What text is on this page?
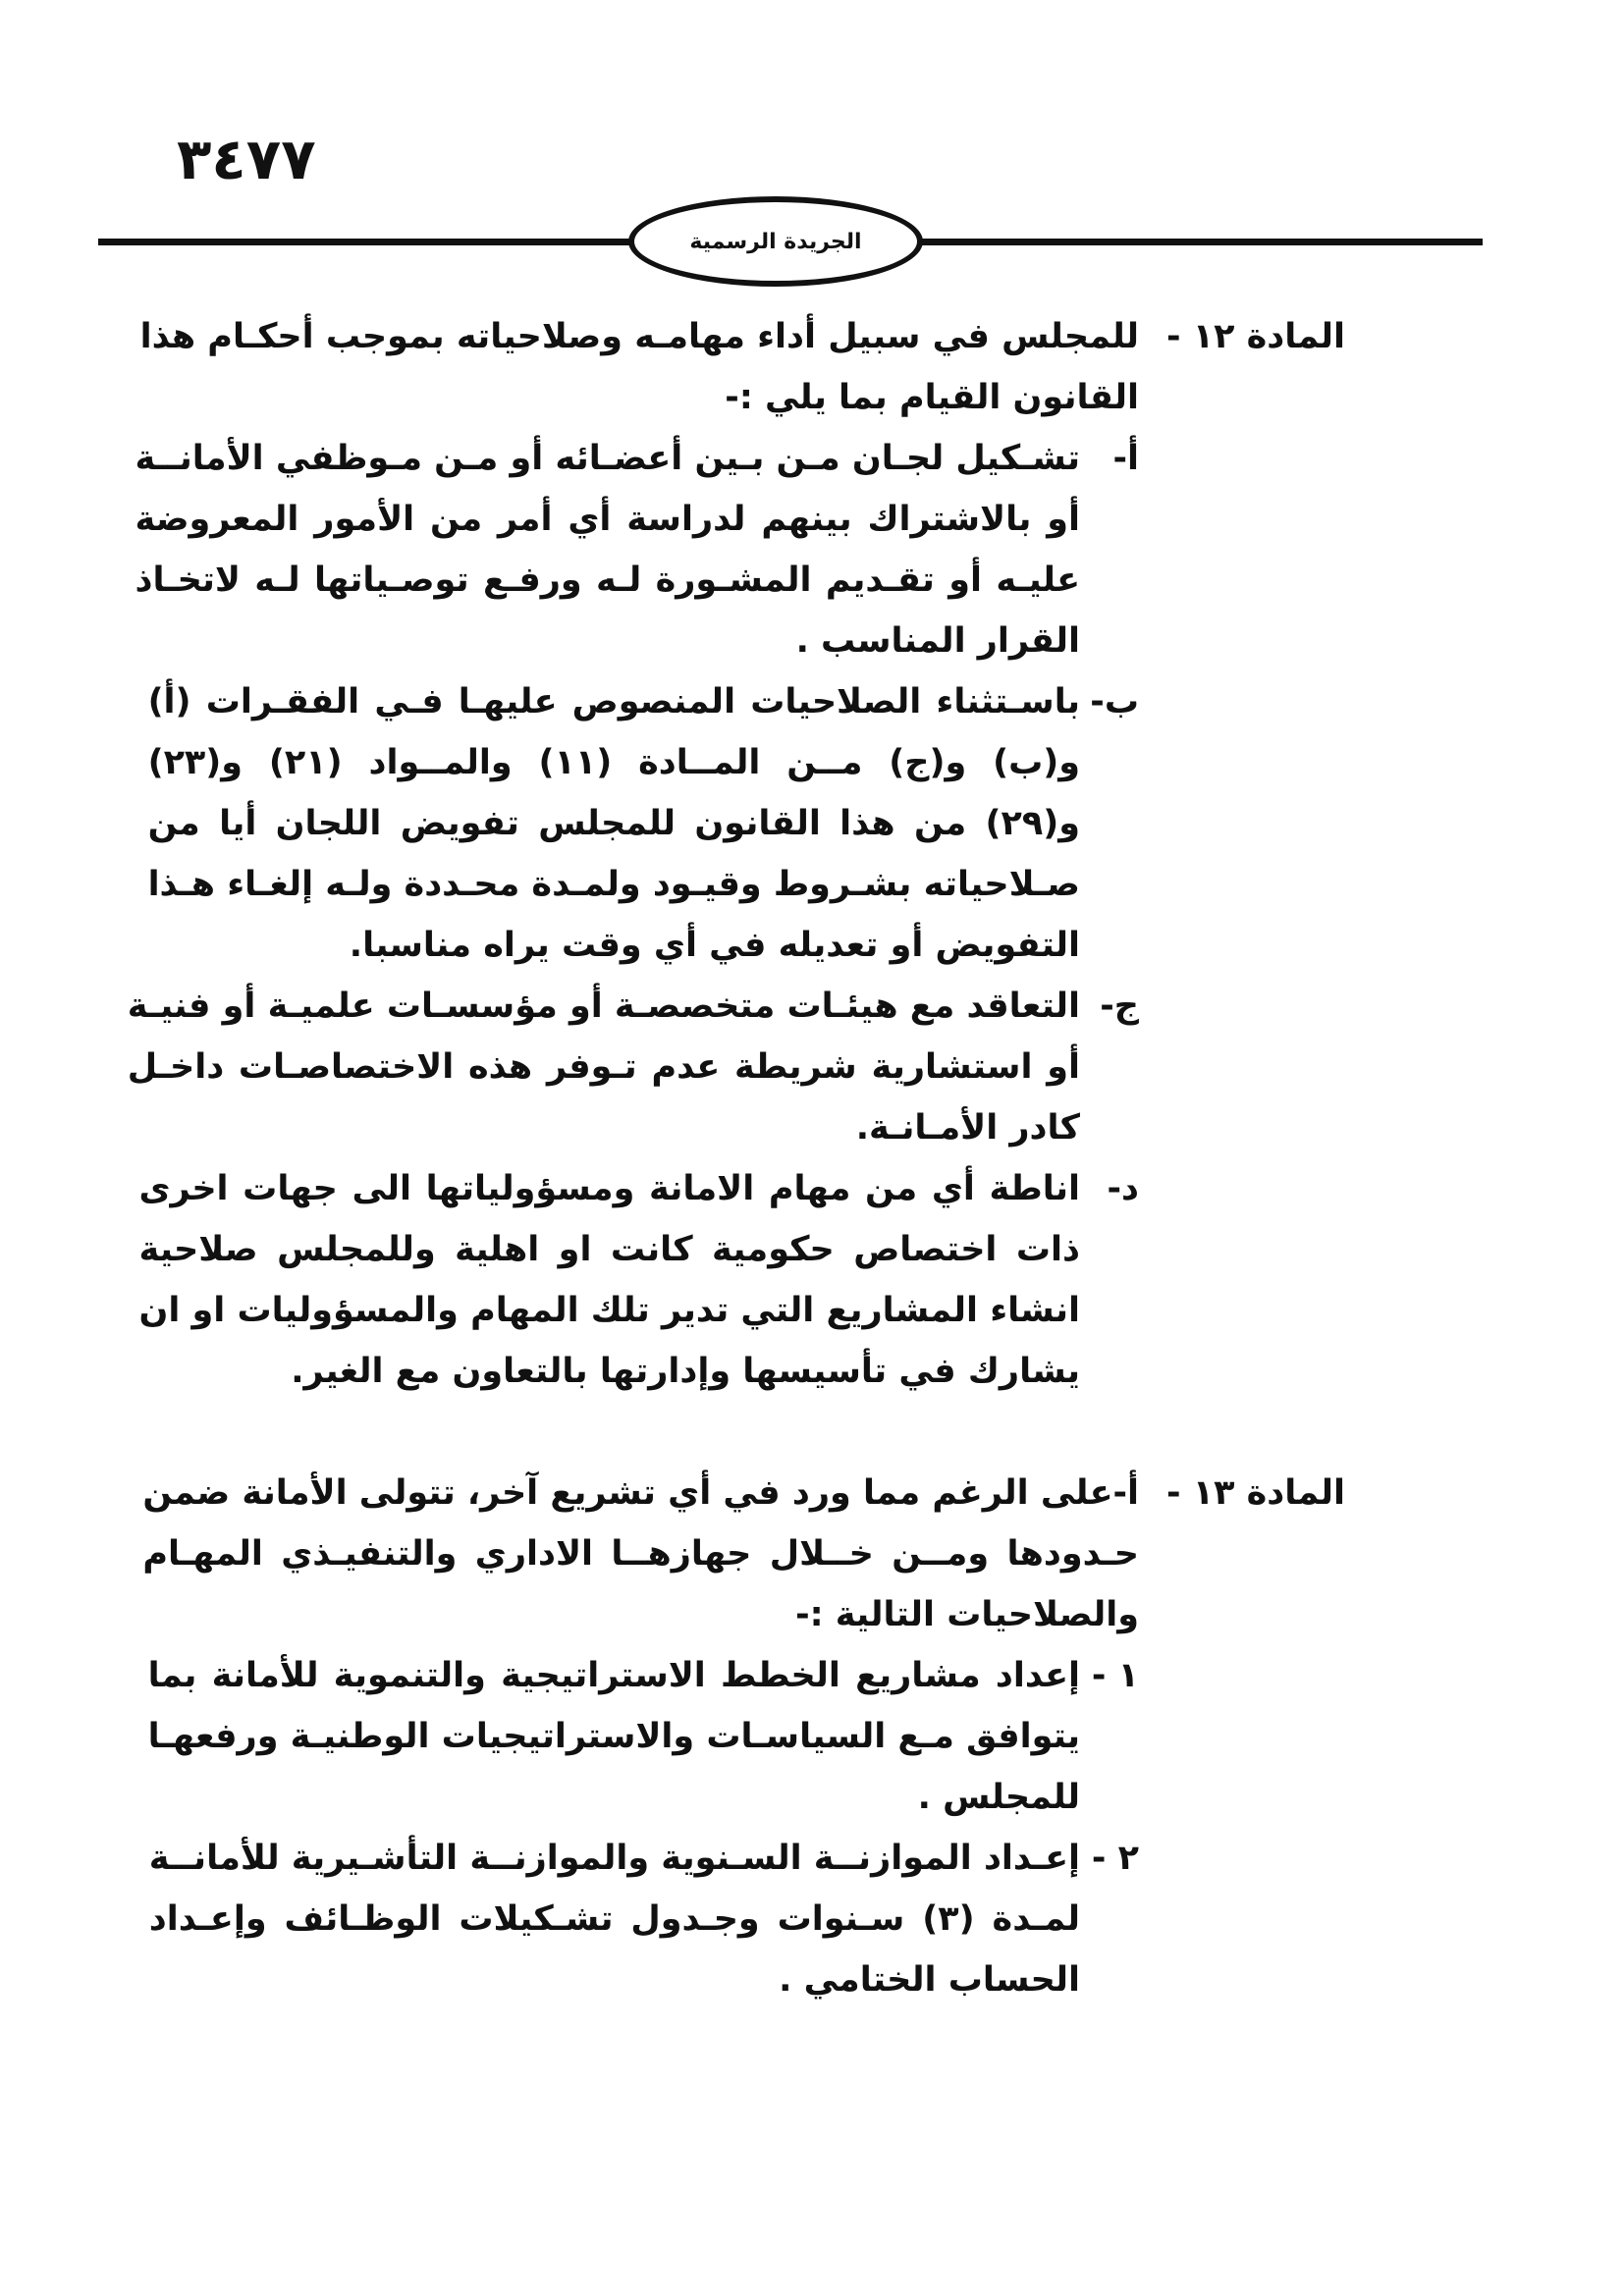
٣٤٧٧
الجريدة الرسمية
المادة ١٢ -
للمجلس في سبيل أداء مهامـه وصلاحياته بموجب أحكـام هذا
القانون القيام بما يلي :-
أ-
تشـكيل لجـان مـن بـين أعضـائه أو مـن مـوظفي الأمانــة
أو بالاشتراك بينهم لدراسة أي أمر من الأمور المعروضة
عليـه أو تقـديم المشـورة لـه ورفـع توصـياتها لـه لاتخـاذ
القرار المناسب .
ب-
باسـتثناء الصلاحيات المنصوص عليهـا فـي الفقـرات (أ)
و(ب) و(ج) مــن المــادة (١١) والمــواد (٢١) و(٢٣)
و(٢٩) من هذا القانون للمجلس تفويض اللجان أيا من
صـلاحياته بشـروط وقيـود ولمـدة محـددة ولـه إلغـاء هـذا
التفويض أو تعديله في أي وقت يراه مناسبا.
ج-
التعاقد مع هيئـات متخصصـة أو مؤسسـات علميـة أو فنيـة
أو استشارية شريطة عدم تـوفر هذه الاختصاصـات داخـل
كادر الأمـانـة.
د-
اناطة أي من مهام الامانة ومسؤولياتها الى جهات اخرى
ذات اختصاص حكومية كانت او اهلية وللمجلس صلاحية
انشاء المشاريع التي تدير تلك المهام والمسؤوليات او ان
يشارك في تأسيسها وإدارتها بالتعاون مع الغير.
المادة ١٣ -
أ-على الرغم مما ورد في أي تشريع آخر، تتولى الأمانة ضمن
حـدودها ومــن خــلال جهازهــا الاداري والتنفيـذي المهـام
والصلاحيات التالية :-
١ -
إعداد مشاريع الخطط الاستراتيجية والتنموية للأمانة بما
يتوافق مـع السياسـات والاستراتيجيات الوطنيـة ورفعهـا
للمجلس .
٢ -
إعـداد الموازنــة السـنوية والموازنــة التأشـيرية للأمانــة
لمـدة (٣) سـنوات وجـدول تشـكيلات الوظـائف وإعـداد
الحساب الختامي .
